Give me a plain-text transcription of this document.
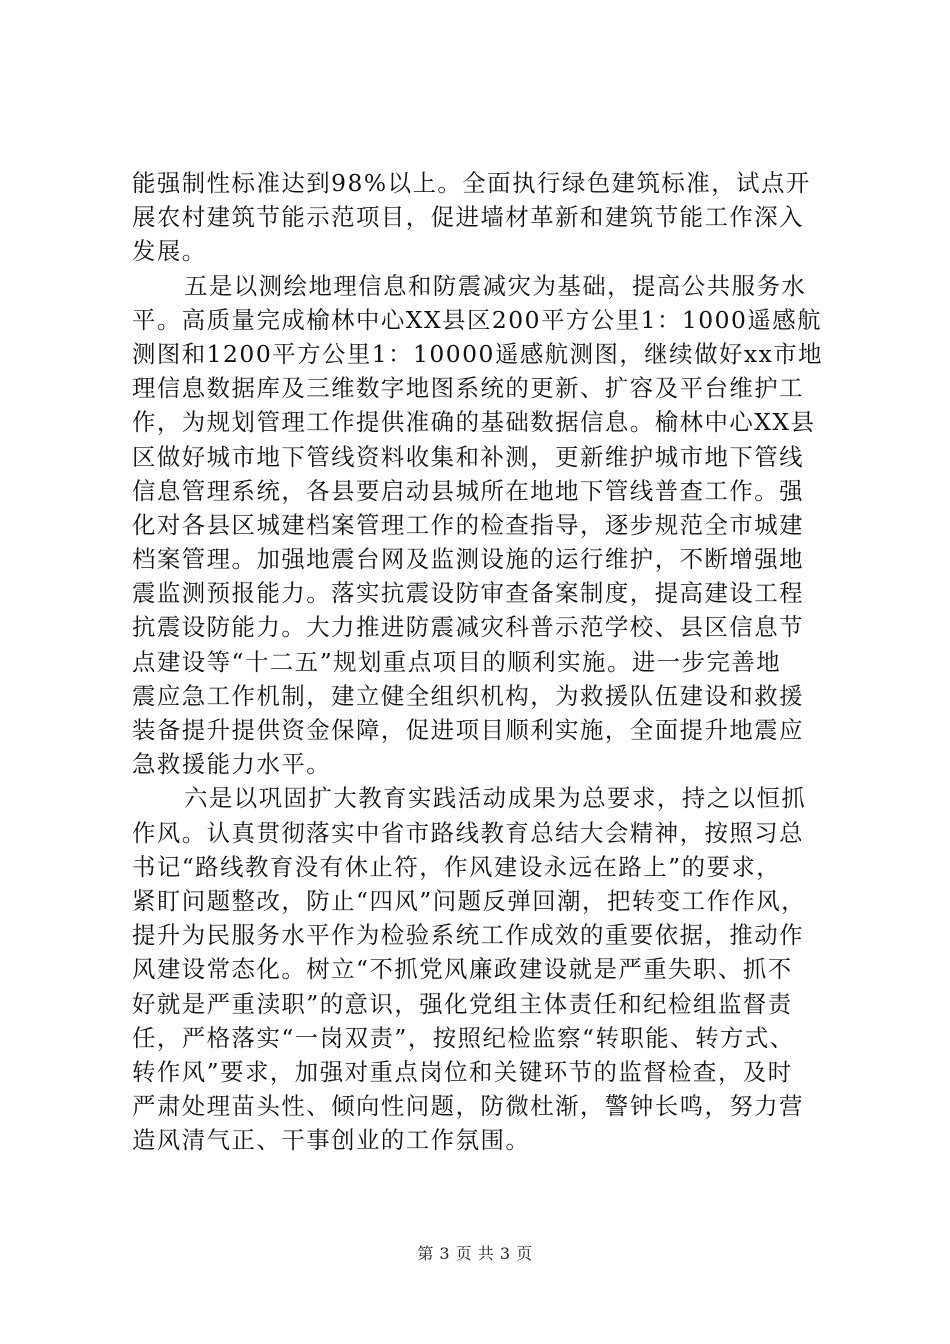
能强制性标准达到98%以上。全面执行绿色建筑标准，试点开
展农村建筑节能示范项目，促进墙材革新和建筑节能工作深入
发展。
五是以测绘地理信息和防震减灾为基础，提高公共服务水
平。高质量完成榆林中心XX县区200平方公里1：1000遥感航
测图和1200平方公里1：10000遥感航测图，继续做好xx市地
理信息数据库及三维数字地图系统的更新、扩容及平台维护工
作，为规划管理工作提供准确的基础数据信息。榆林中心XX县
区做好城市地下管线资料收集和补测，更新维护城市地下管线
信息管理系统，各县要启动县城所在地地下管线普查工作。强
化对各县区城建档案管理工作的检查指导，逐步规范全市城建
档案管理。加强地震台网及监测设施的运行维护，不断增强地
震监测预报能力。落实抗震设防审查备案制度，提高建设工程
抗震设防能力。大力推进防震减灾科普示范学校、县区信息节
点建设等“十二五”规划重点项目的顺利实施。进一步完善地
震应急工作机制，建立健全组织机构，为救援队伍建设和救援
装备提升提供资金保障，促进项目顺利实施，全面提升地震应
急救援能力水平。
六是以巩固扩大教育实践活动成果为总要求，持之以恒抓
作风。认真贯彻落实中省市路线教育总结大会精神，按照习总
书记“路线教育没有休止符，作风建设永远在路上”的要求，
紧盯问题整改，防止“四风”问题反弹回潮，把转变工作作风，
提升为民服务水平作为检验系统工作成效的重要依据，推动作
风建设常态化。树立“不抓党风廉政建设就是严重失职、抓不
好就是严重渎职”的意识，强化党组主体责任和纪检组监督责
任，严格落实“一岗双责”，按照纪检监察“转职能、转方式、
转作风”要求，加强对重点岗位和关键环节的监督检查，及时
严肃处理苗头性、倾向性问题，防微杜渐，警钟长鸣，努力营
造风清气正、干事创业的工作氛围。
第 3 页 共 3 页
